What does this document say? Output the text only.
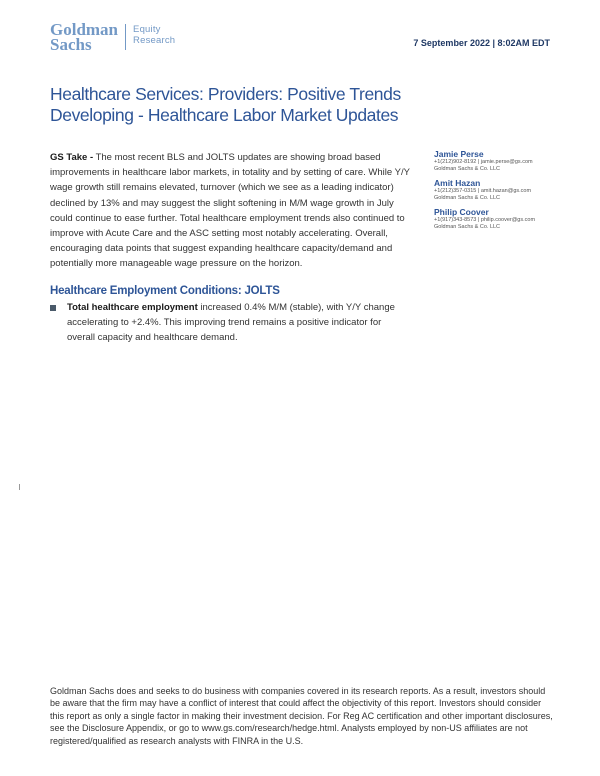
Goldman
Sachs
Equity
Research	7 September 2022 | 8:02AM EDT
Healthcare Services: Providers: Positive Trends Developing - Healthcare Labor Market Updates
GS Take - The most recent BLS and JOLTS updates are showing broad based improvements in healthcare labor markets, in totality and by setting of care. While Y/Y wage growth still remains elevated, turnover (which we see as a leading indicator) declined by 13% and may suggest the slight softening in M/M wage growth in July could continue to ease further. Total healthcare employment trends also continued to improve with Acute Care and the ASC setting most notably accelerating. Overall, encouraging data points that suggest expanding healthcare capacity/demand and potentially more manageable wage pressure on the horizon.
Jamie Perse
+1(212)902-8192 | jamie.perse@gs.com
Goldman Sachs & Co. LLC
Amit Hazan
+1(212)357-0315 | amit.hazan@gs.com
Goldman Sachs & Co. LLC
Philip Coover
+1(917)343-8573 | philip.coover@gs.com
Goldman Sachs & Co. LLC
Healthcare Employment Conditions: JOLTS
Total healthcare employment increased 0.4% M/M (stable), with Y/Y change accelerating to +2.4%. This improving trend remains a positive indicator for overall capacity and healthcare demand.
Goldman Sachs does and seeks to do business with companies covered in its research reports. As a result, investors should be aware that the firm may have a conflict of interest that could affect the objectivity of this report. Investors should consider this report as only a single factor in making their investment decision. For Reg AC certification and other important disclosures, see the Disclosure Appendix, or go to www.gs.com/research/hedge.html. Analysts employed by non-US affiliates are not registered/qualified as research analysts with FINRA in the U.S.
